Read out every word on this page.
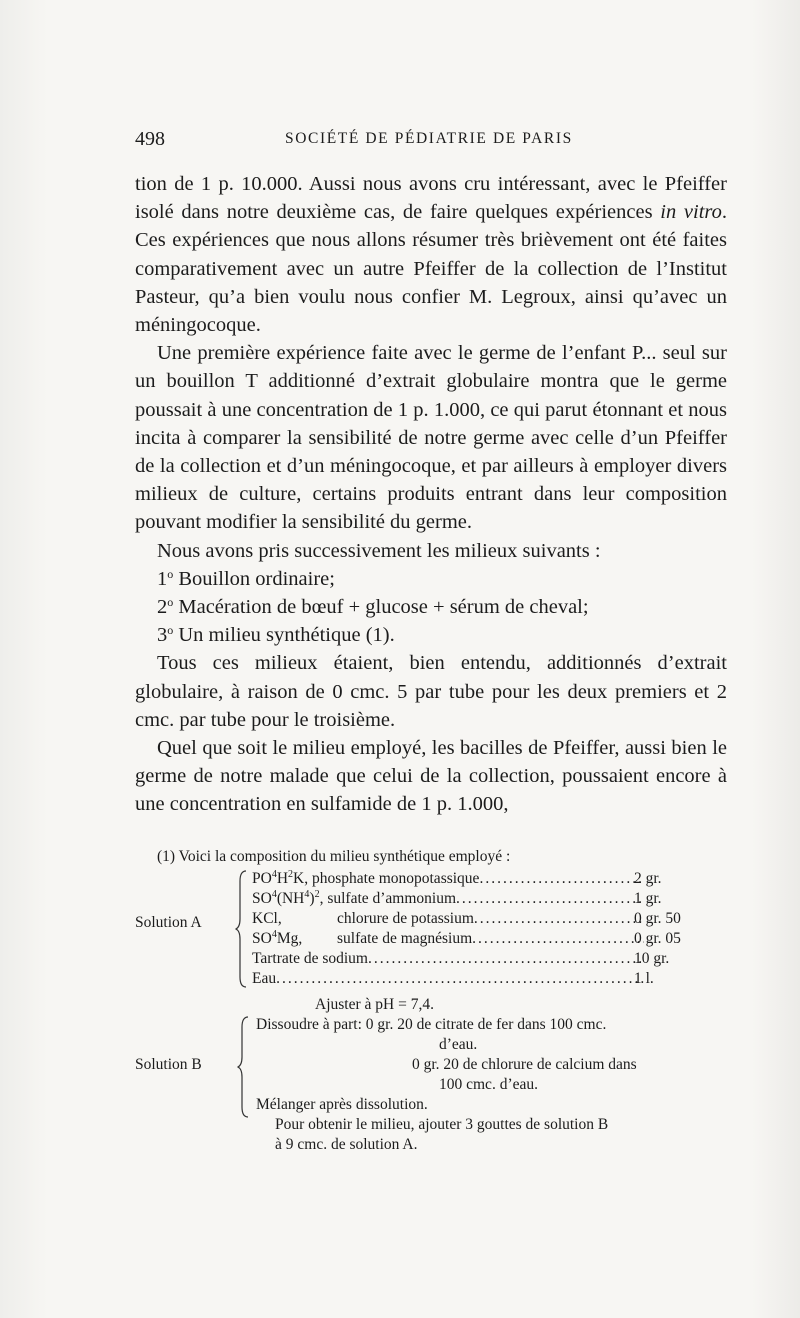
498	SOCIÉTÉ DE PÉDIATRIE DE PARIS

tion de 1 p. 10.000. Aussi nous avons cru intéressant, avec le Pfeiffer isolé dans notre deuxième cas, de faire quelques expériences in vitro. Ces expériences que nous allons résumer très brièvement ont été faites comparativement avec un autre Pfeiffer de la collection de l’Institut Pasteur, qu’a bien voulu nous confier M. Legroux, ainsi qu’avec un méningocoque.

Une première expérience faite avec le germe de l’enfant P... seul sur un bouillon T additionné d’extrait globulaire montra que le germe poussait à une concentration de 1 p. 1.000, ce qui parut étonnant et nous incita à comparer la sensibilité de notre germe avec celle d’un Pfeiffer de la collection et d’un méningocoque, et par ailleurs à employer divers milieux de culture, certains produits entrant dans leur composition pouvant modifier la sensibilité du germe.

Nous avons pris successivement les milieux suivants :

1$^o$ Bouillon ordinaire;

2$^o$ Macération de bœuf + glucose + sérum de cheval;

3$^o$ Un milieu synthétique (1).

Tous ces milieux étaient, bien entendu, additionnés d’extrait globulaire, à raison de 0 cmc. 5 par tube pour les deux premiers et 2 cmc. par tube pour le troisième.

Quel que soit le milieu employé, les bacilles de Pfeiffer, aussi bien le germe de notre malade que celui de la collection, poussaient encore à une concentration en sulfamide de 1 p. 1.000,

(1) Voici la composition du milieu synthétique employé :
Solution A
$PO^4H^2K$, phosphate monopotassique .....	2 gr.
$SO^4(NH^4)^2$, sulfate d’ammonium .....	1 gr.
KCl,	chlorure de potassium .....	0 gr. 50
$SO^4Mg$,	sulfate de magnésium .....	0 gr. 05
Tartrate de sodium .....	10 gr.
Eau .....	1 l.
Ajuster à pH = 7,4.
Solution B
Dissoudre à part: 0 gr. 20 de citrate de fer dans 100 cmc.
d’eau.
0 gr. 20 de chlorure de calcium dans
100 cmc. d’eau.
Mélanger après dissolution.
Pour obtenir le milieu, ajouter 3 gouttes de solution B
à 9 cmc. de solution A.
